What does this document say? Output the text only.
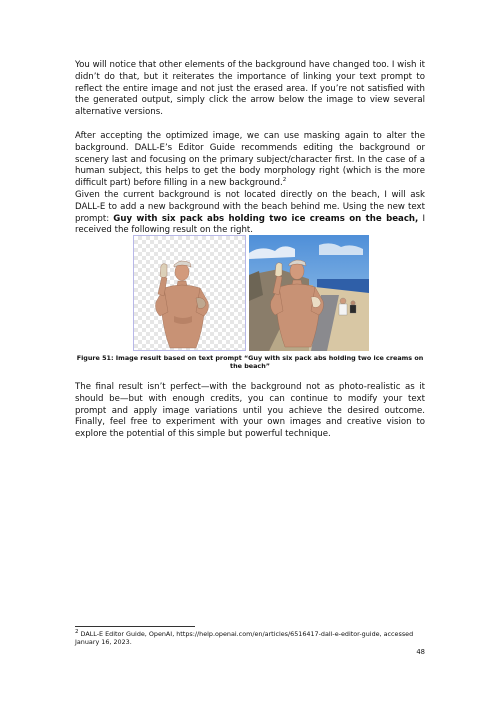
You will notice that other elements of the background have changed too. I wish it didn’t do that, but it reiterates the importance of linking your text prompt to reflect the entire image and not just the erased area. If you’re not satisfied with the generated output, simply click the arrow below the image to view several alternative versions.

After accepting the optimized image, we can use masking again to alter the background. DALL-E’s Editor Guide recommends editing the background or scenery last and focusing on the primary subject/character first. In the case of a human subject, this helps to get the body morphology right (which is the more difficult part) before filling in a new background.$^2$

Given the current background is not located directly on the beach, I will ask DALL-E to add a new background with the beach behind me. Using the new text prompt: Guy with six pack abs holding two ice creams on the beach, I received the following result on the right.

Figure 51: Image result based on text prompt “Guy with six pack abs holding two ice creams on the beach”

The final result isn’t perfect—with the background not as photo-realistic as it should be—but with enough credits, you can continue to modify your text prompt and apply image variations until you achieve the desired outcome. Finally, feel free to experiment with your own images and creative vision to explore the potential of this simple but powerful technique.

$^2$ DALL-E Editor Guide, OpenAI, https://help.openai.com/en/articles/6516417-dall-e-editor-guide, accessed January 16, 2023.

48
